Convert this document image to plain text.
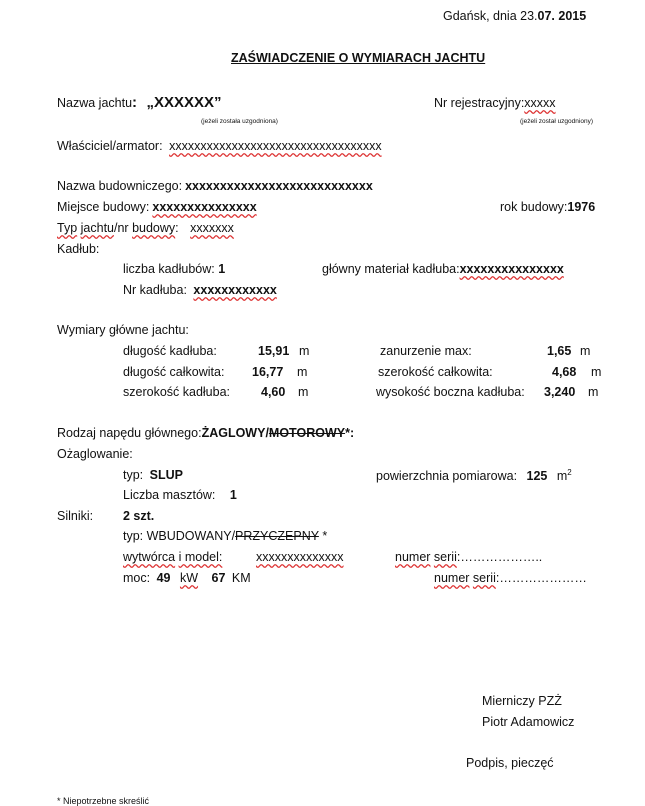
Gdańsk, dnia 23.07. 2015
ZAŚWIADCZENIE O WYMIARACH JACHTU
Nazwa jachtu: „XXXXXX”
(jeżeli została uzgodniona)
Nr rejestracyjny:xxxxx
(jeżeli został uzgodniony)
Właściciel/armator: xxxxxxxxxxxxxxxxxxxxxxxxxxxxxxxxxx
Nazwa budowniczego: xxxxxxxxxxxxxxxxxxxxxxxxxxx
Miejsce budowy: xxxxxxxxxxxxxxx	rok budowy:1976
Typ jachtu/nr budowy: xxxxxxx
Kadłub:
liczba kadłubów: 1	główny materiał kadłuba:xxxxxxxxxxxxxxx
Nr kadłuba: xxxxxxxxxxxx
Wymiary główne jachtu:
długość kadłuba:	15,91 m	zanurzenie max:	1,65 m
długość całkowita: 16,77 m	szerokość całkowita:	4,68 m
szerokość kadłuba: 4,60 m	wysokość boczna kadłuba: 3,240 m
Rodzaj napędu głównego:ŻAGLOWY/MOTOROWY*:
Ożaglowanie:
typ: SLUP	powierzchnia pomiarowa: 125 $m^2$
Liczba masztów: 1
Silniki: 2 szt.
typ: WBUDOWANY/PRZYCZEPNY *
wytwórca i model:	xxxxxxxxxxxxxx	numer serii:………………..
moc: 49 kW 67 KM	numer serii:…………………
Mierniczy PZŻ
Piotr Adamowicz
Podpis, pieczęć
* Niepotrzebne skreślić
